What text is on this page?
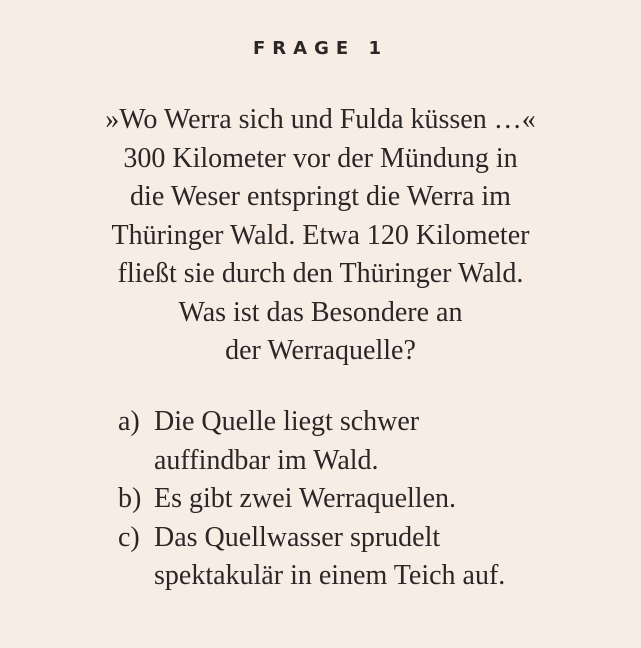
FRAGE 1
»Wo Werra sich und Fulda küssen …«
300 Kilometer vor der Mündung in
die Weser entspringt die Werra im
Thüringer Wald. Etwa 120 Kilometer
fließt sie durch den Thüringer Wald.
Was ist das Besondere an
der Werraquelle?
a) Die Quelle liegt schwer
auffindbar im Wald.
b) Es gibt zwei Werraquellen.
c) Das Quellwasser sprudelt
spektakulär in einem Teich auf.
